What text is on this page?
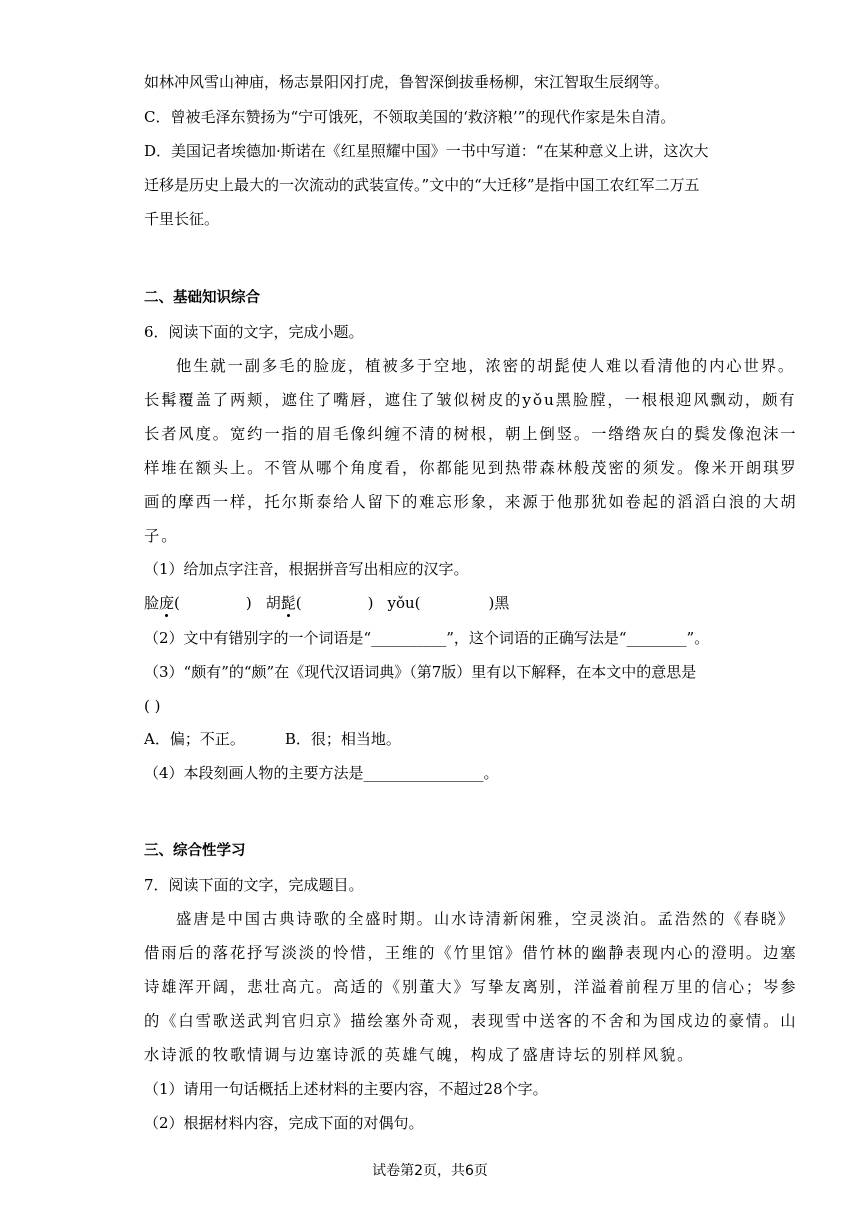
如林冲风雪山神庙，杨志景阳冈打虎，鲁智深倒拔垂杨柳，宋江智取生辰纲等。
C．曾被毛泽东赞扬为“宁可饿死，不领取美国的‘救济粮’”的现代作家是朱自清。
D．美国记者埃德加·斯诺在《红星照耀中国》一书中写道：“在某种意义上讲，这次大
迁移是历史上最大的一次流动的武装宣传。”文中的“大迁移”是指中国工农红军二万五
千里长征。
二、基础知识综合
6．阅读下面的文字，完成小题。
他生就一副多毛的脸庞，植被多于空地，浓密的胡髭使人难以看清他的内心世界。
长髯覆盖了两颊，遮住了嘴唇，遮住了皱似树皮的yǒu黑脸膛，一根根迎风飘动，颇有
长者风度。宽约一指的眉毛像纠缠不清的树根，朝上倒竖。一绺绺灰白的鬓发像泡沫一
样堆在额头上。不管从哪个角度看，你都能见到热带森林般茂密的须发。像米开朗琪罗
画的摩西一样，托尔斯泰给人留下的难忘形象，来源于他那犹如卷起的滔滔白浪的大胡
子。
（1）给加点字注音，根据拼音写出相应的汉字。
脸庞(	) 胡髭(	) yǒu(	)黑
（2）文中有错别字的一个词语是“__________”，这个词语的正确写法是“________”。
（3）“颇有”的“颇”在《现代汉语词典》（第7版）里有以下解释，在本文中的意思是
( )
A．偏；不正。	B．很；相当地。
（4）本段刻画人物的主要方法是________________。
三、综合性学习
7．阅读下面的文字，完成题目。
盛唐是中国古典诗歌的全盛时期。山水诗清新闲雅，空灵淡泊。孟浩然的《春晓》
借雨后的落花抒写淡淡的怜惜，王维的《竹里馆》借竹林的幽静表现内心的澄明。边塞
诗雄浑开阔，悲壮高亢。高适的《别董大》写挚友离别，洋溢着前程万里的信心；岑参
的《白雪歌送武判官归京》描绘塞外奇观，表现雪中送客的不舍和为国戍边的豪情。山
水诗派的牧歌情调与边塞诗派的英雄气魄，构成了盛唐诗坛的别样风貌。
（1）请用一句话概括上述材料的主要内容，不超过28个字。
（2）根据材料内容，完成下面的对偶句。
试卷第2页，共6页
